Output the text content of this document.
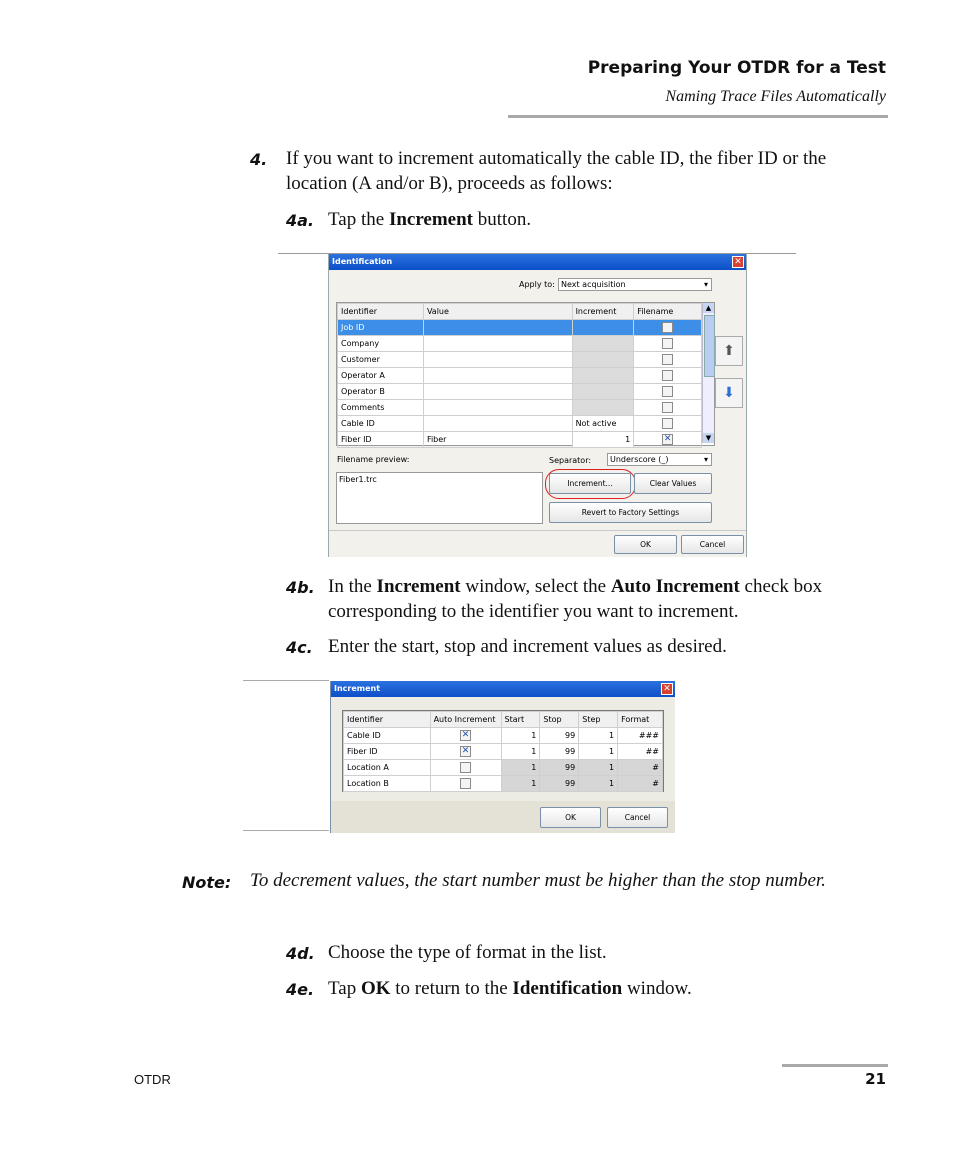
Preparing Your OTDR for a Test
Naming Trace Files Automatically
4. If you want to increment automatically the cable ID, the fiber ID or the location (A and/or B), proceeds as follows:
4a. Tap the Increment button.
Identification	✕
Apply to: Next acquisition	▾
Identifier	Value	Increment	Filename
Job ID			
Company			
Customer			
Operator A			
Operator B			
Comments			
Cable ID		Not active	
Fiber ID	Fiber	1	✕
▲
▼
⬆
⬇
Filename preview:
Fiber1.trc
Separator:	Underscore (_)	▾
Increment...	Clear Values
Revert to Factory Settings
OK	Cancel
4b. In the Increment window, select the Auto Increment check box corresponding to the identifier you want to increment.
4c. Enter the start, stop and increment values as desired.
Increment	✕
Identifier	Auto Increment	Start	Stop	Step	Format
Cable ID	✕	1	99	1	###
Fiber ID	✕	1	99	1	##
Location A		1	99	1	#
Location B		1	99	1	#
OK	Cancel
Note: To decrement values, the start number must be higher than the stop number.
4d. Choose the type of format in the list.
4e. Tap OK to return to the Identification window.
OTDR	21
